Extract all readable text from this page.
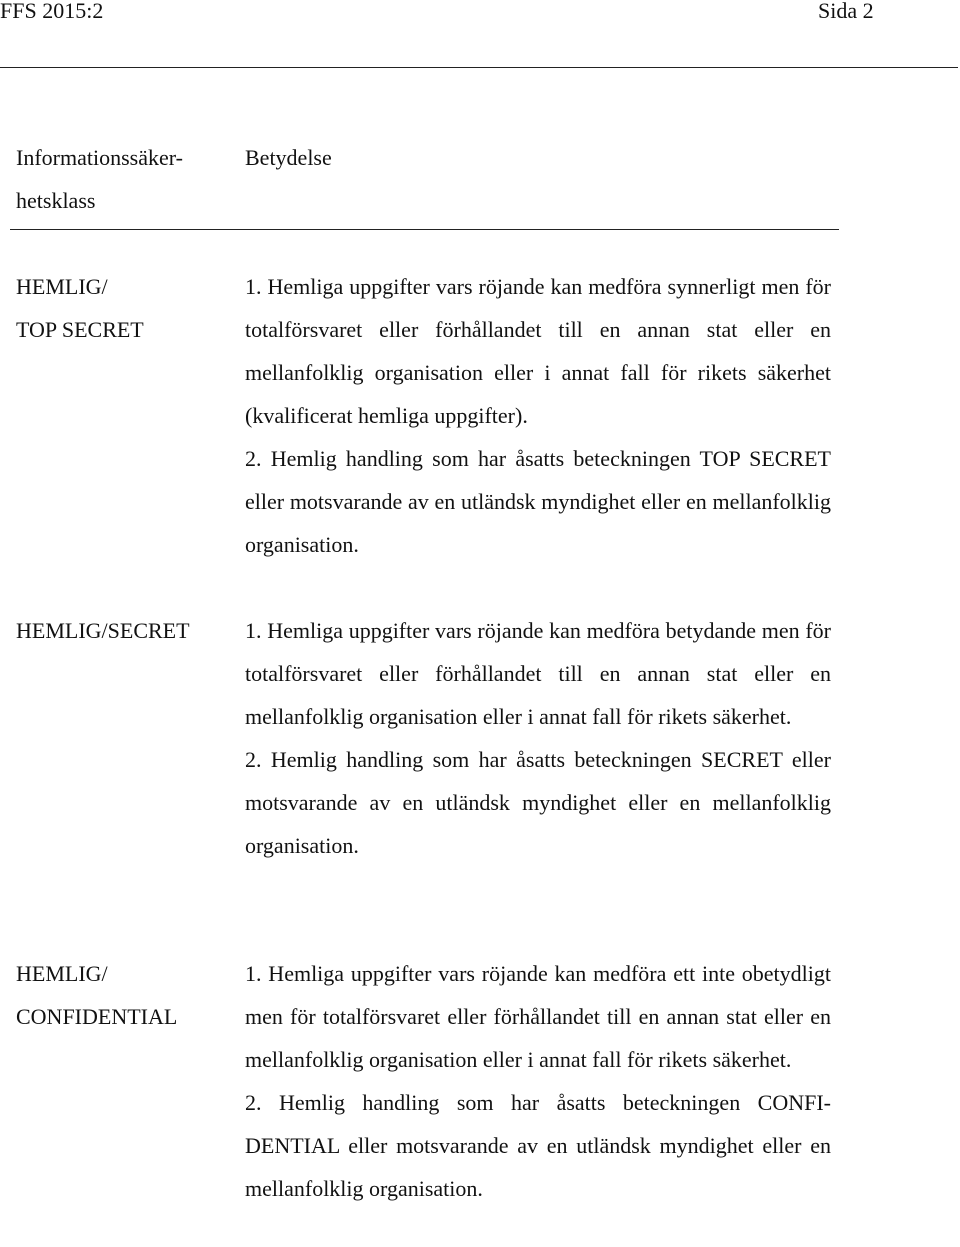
FFS 2015:2	Sida 2
Informationssäker-
hetsklass
Betydelse
HEMLIG/
TOP SECRET

1. Hemliga uppgifter vars röjande kan medföra synnerligt men för totalförsvaret eller förhållandet till en annan stat eller en mellanfolklig organisation eller i annat fall för rikets säkerhet (kvalificerat hemliga uppgifter).

2. Hemlig handling som har åsatts beteckningen TOP SECRET eller motsvarande av en utländsk myndighet eller en mellanfolklig organisation.

HEMLIG/SECRET	1. Hemliga uppgifter vars röjande kan medföra betydande men för totalförsvaret eller förhållandet till en annan stat eller en mellanfolklig organisation eller i annat fall för rikets säkerhet.

2. Hemlig handling som har åsatts beteckningen SECRET eller motsvarande av en utländsk myndighet eller en mellanfolklig organisation.

HEMLIG/
CONFIDENTIAL

1. Hemliga uppgifter vars röjande kan medföra ett inte obetydligt men för totalförsvaret eller förhållandet till en annan stat eller en mellanfolklig organisation eller i annat fall för rikets säkerhet.

2. Hemlig handling som har åsatts beteckningen CONFI-DENTIAL eller motsvarande av en utländsk myndighet eller en mellanfolklig organisation.
